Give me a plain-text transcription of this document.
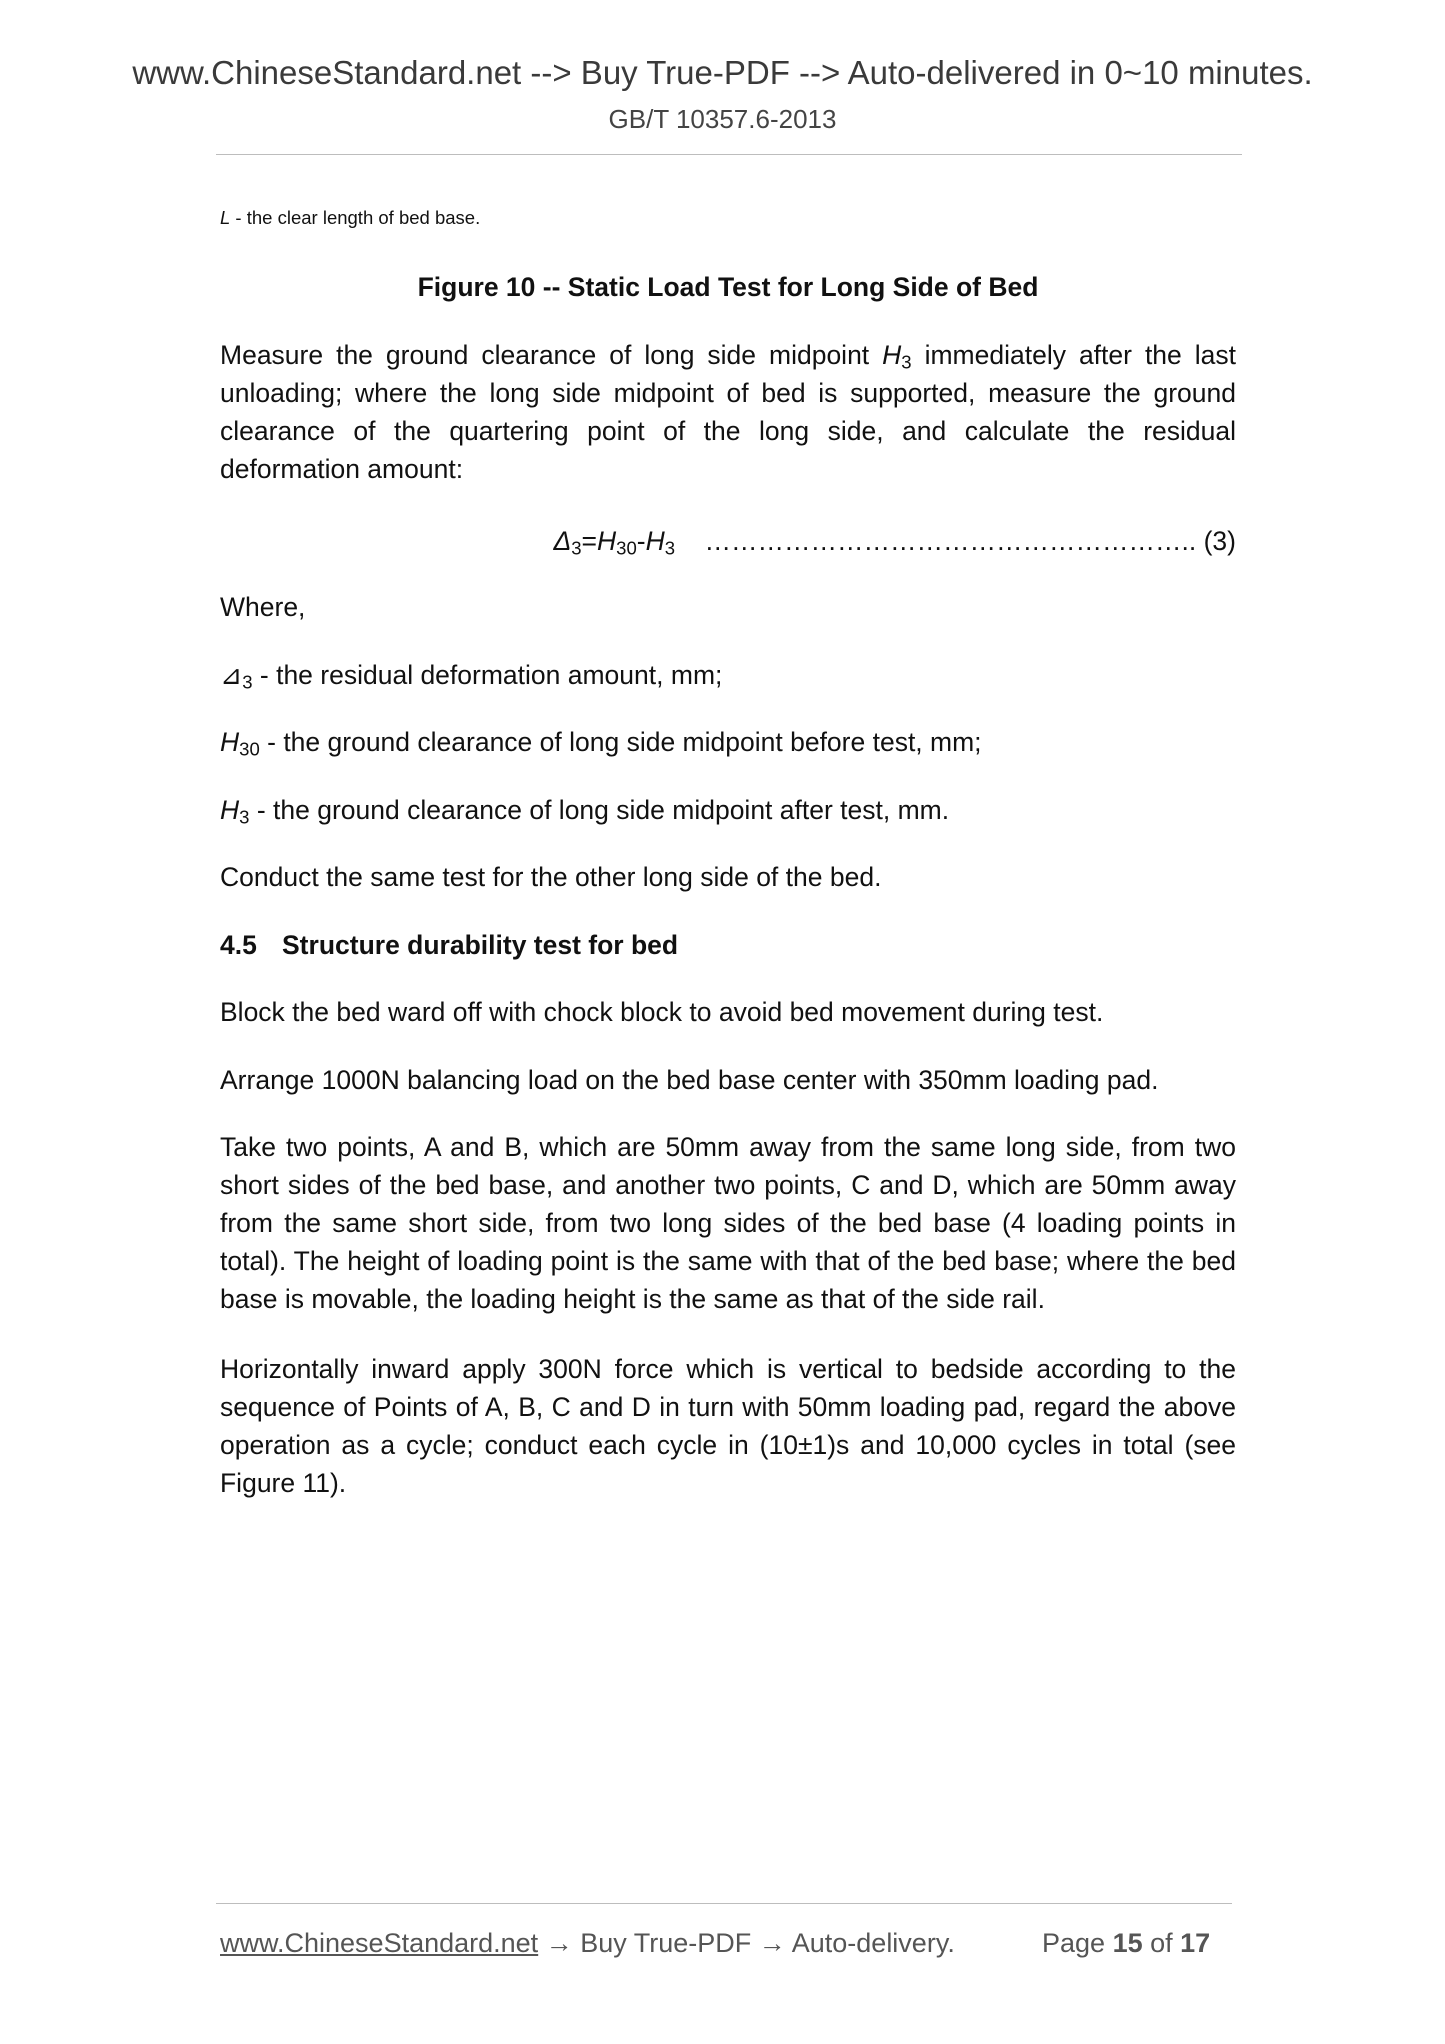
www.ChineseStandard.net --> Buy True-PDF --> Auto-delivered in 0~10 minutes.
GB/T 10357.6-2013

L - the clear length of bed base.

Figure 10 -- Static Load Test for Long Side of Bed

Measure the ground clearance of long side midpoint $H_3$ immediately after the last unloading; where the long side midpoint of bed is supported, measure the ground clearance of the quartering point of the long side, and calculate the residual deformation amount:

$\Delta_3=H_{30}-H_3$ ……………………………………………….. (3)

Where,

$⊿_3$ - the residual deformation amount, mm;

$H_{30}$ - the ground clearance of long side midpoint before test, mm;

$H_3$ - the ground clearance of long side midpoint after test, mm.

Conduct the same test for the other long side of the bed.

4.5 Structure durability test for bed

Block the bed ward off with chock block to avoid bed movement during test.

Arrange 1000N balancing load on the bed base center with 350mm loading pad.

Take two points, A and B, which are 50mm away from the same long side, from two short sides of the bed base, and another two points, C and D, which are 50mm away from the same short side, from two long sides of the bed base (4 loading points in total). The height of loading point is the same with that of the bed base; where the bed base is movable, the loading height is the same as that of the side rail.

Horizontally inward apply 300N force which is vertical to bedside according to the sequence of Points of A, B, C and D in turn with 50mm loading pad, regard the above operation as a cycle; conduct each cycle in (10±1)s and 10,000 cycles in total (see Figure 11).

www.ChineseStandard.net → Buy True-PDF → Auto-delivery.	Page 15 of 17
